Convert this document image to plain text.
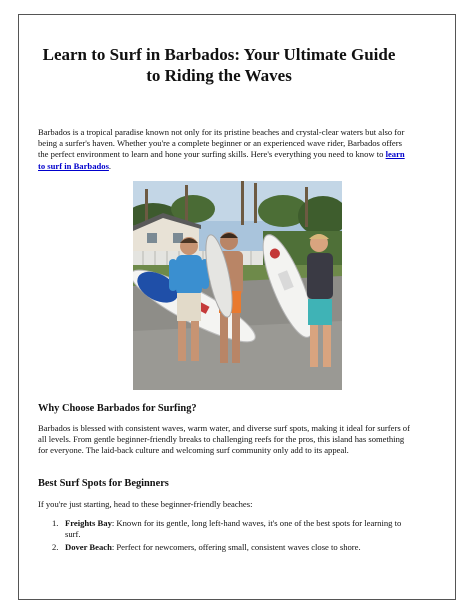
Learn to Surf in Barbados: Your Ultimate Guide
to Riding the Waves

Barbados is a tropical paradise known not only for its pristine beaches and crystal-clear waters but also for being a surfer's haven. Whether you're a complete beginner or an experienced wave rider, Barbados offers the perfect environment to learn and hone your surfing skills. Here's everything you need to know to learn to surf in Barbados.

Why Choose Barbados for Surfing?

Barbados is blessed with consistent waves, warm water, and diverse surf spots, making it ideal for surfers of all levels. From gentle beginner-friendly breaks to challenging reefs for the pros, this island has something for everyone. The laid-back culture and welcoming surf community only add to its appeal.

Best Surf Spots for Beginners

If you're just starting, head to these beginner-friendly beaches:

1. Freights Bay: Known for its gentle, long left-hand waves, it's one of the best spots for learning to surf.
2. Dover Beach: Perfect for newcomers, offering small, consistent waves close to shore.
